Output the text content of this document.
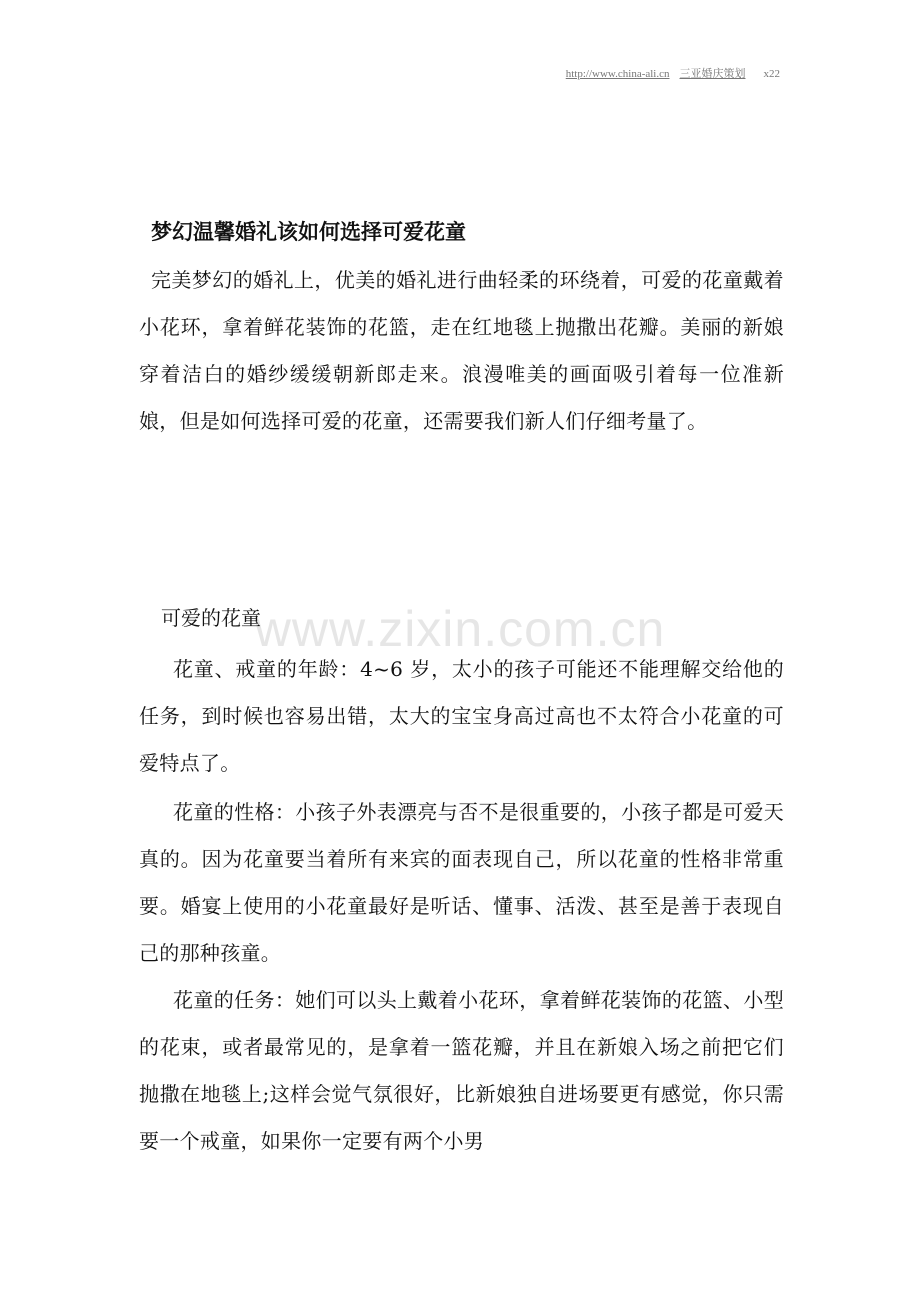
http://www.china-ali.cn 三亚婚庆策划 x22
www.zixin.com.cn
梦幻温馨婚礼该如何选择可爱花童

完美梦幻的婚礼上，优美的婚礼进行曲轻柔的环绕着，可爱的花童戴着小花环，拿着鲜花装饰的花篮，走在红地毯上抛撒出花瓣。美丽的新娘穿着洁白的婚纱缓缓朝新郎走来。浪漫唯美的画面吸引着每一位准新娘，但是如何选择可爱的花童，还需要我们新人们仔细考量了。

可爱的花童

花童、戒童的年龄：4~6 岁，太小的孩子可能还不能理解交给他的任务，到时候也容易出错，太大的宝宝身高过高也不太符合小花童的可爱特点了。

花童的性格：小孩子外表漂亮与否不是很重要的，小孩子都是可爱天真的。因为花童要当着所有来宾的面表现自己，所以花童的性格非常重要。婚宴上使用的小花童最好是听话、懂事、活泼、甚至是善于表现自己的那种孩童。

花童的任务：她们可以头上戴着小花环，拿着鲜花装饰的花篮、小型的花束，或者最常见的，是拿着一篮花瓣，并且在新娘入场之前把它们抛撒在地毯上;这样会觉气氛很好，比新娘独自进场要更有感觉，你只需要一个戒童，如果你一定要有两个小男
